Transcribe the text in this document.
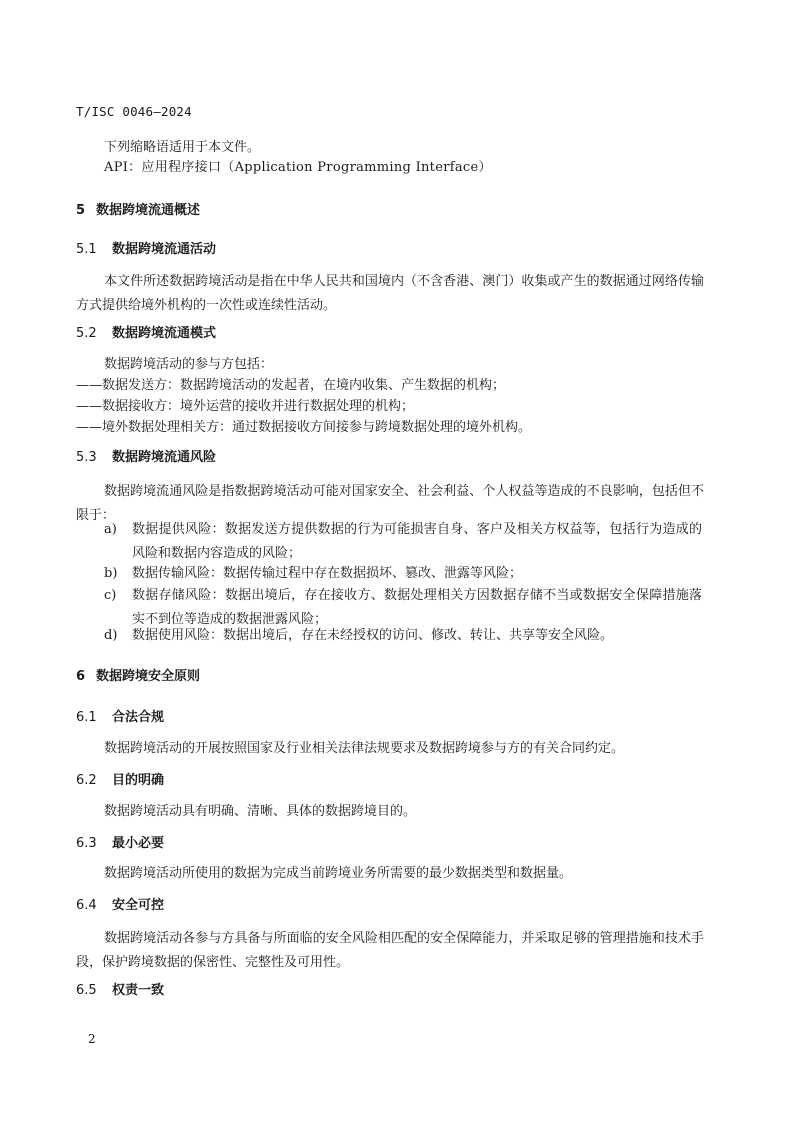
T/ISC 0046—2024
下列缩略语适用于本文件。
API：应用程序接口（Application Programming Interface）
5 数据跨境流通概述
5.1 数据跨境流通活动
本文件所述数据跨境活动是指在中华人民共和国境内（不含香港、澳门）收集或产生的数据通过网络传输方式提供给境外机构的一次性或连续性活动。
5.2 数据跨境流通模式
数据跨境活动的参与方包括：
——数据发送方：数据跨境活动的发起者，在境内收集、产生数据的机构；
——数据接收方：境外运营的接收并进行数据处理的机构；
——境外数据处理相关方：通过数据接收方间接参与跨境数据处理的境外机构。
5.3 数据跨境流通风险
数据跨境流通风险是指数据跨境活动可能对国家安全、社会利益、个人权益等造成的不良影响，包括但不限于：
a) 数据提供风险：数据发送方提供数据的行为可能损害自身、客户及相关方权益等，包括行为造成的风险和数据内容造成的风险；
b) 数据传输风险：数据传输过程中存在数据损坏、篡改、泄露等风险；
c) 数据存储风险：数据出境后，存在接收方、数据处理相关方因数据存储不当或数据安全保障措施落实不到位等造成的数据泄露风险；
d) 数据使用风险：数据出境后，存在未经授权的访问、修改、转让、共享等安全风险。
6 数据跨境安全原则
6.1 合法合规
数据跨境活动的开展按照国家及行业相关法律法规要求及数据跨境参与方的有关合同约定。
6.2 目的明确
数据跨境活动具有明确、清晰、具体的数据跨境目的。
6.3 最小必要
数据跨境活动所使用的数据为完成当前跨境业务所需要的最少数据类型和数据量。
6.4 安全可控
数据跨境活动各参与方具备与所面临的安全风险相匹配的安全保障能力，并采取足够的管理措施和技术手段，保护跨境数据的保密性、完整性及可用性。
6.5 权责一致
2
